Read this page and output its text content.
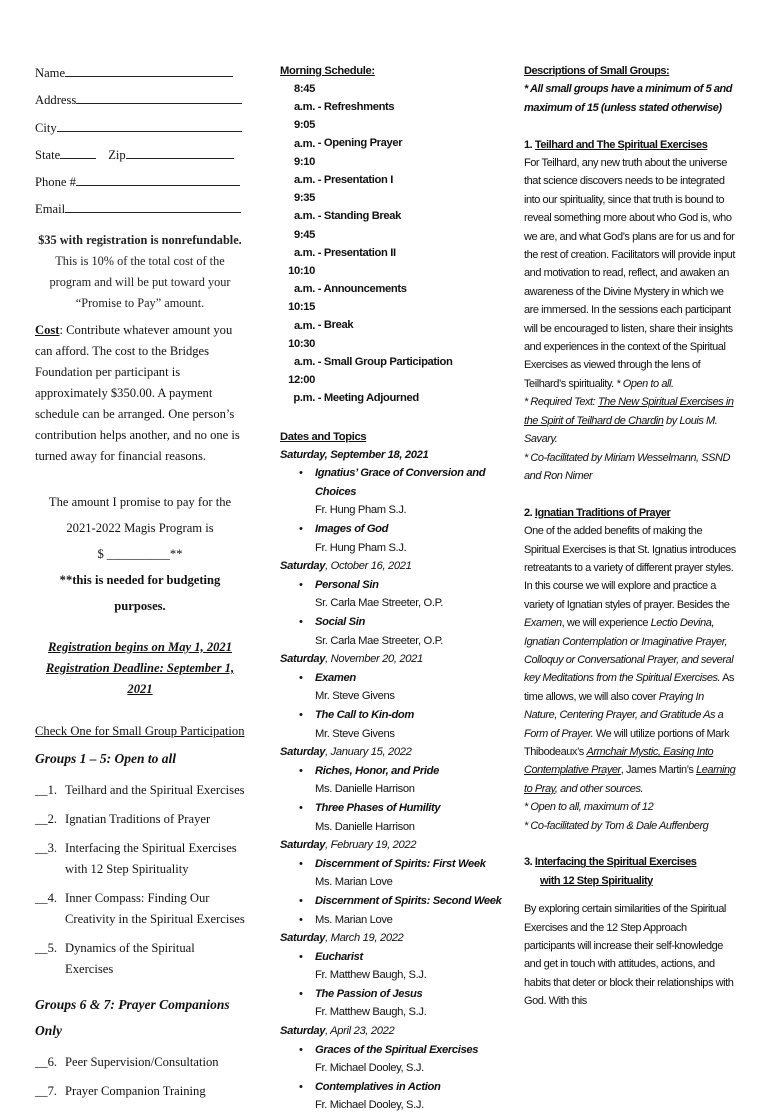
Name
Address
City
State	Zip
Phone #
Email
$35 with registration is nonrefundable. This is 10% of the total cost of the program and will be put toward your “Promise to Pay” amount.
Cost: Contribute whatever amount you can afford. The cost to the Bridges Foundation per participant is approximately $350.00. A payment schedule can be arranged. One person’s contribution helps another, and no one is turned away for financial reasons.
The amount I promise to pay for the
2021-2022 Magis Program is
$ __________**
**this is needed for budgeting purposes.
Registration begins on May 1, 2021
Registration Deadline: September 1, 2021
Check One for Small Group Participation
Groups 1 – 5: Open to all
__1. Teilhard and the Spiritual Exercises
__2. Ignatian Traditions of Prayer
__3. Interfacing the Spiritual Exercises with 12 Step Spirituality
__4. Inner Compass: Finding Our Creativity in the Spiritual Exercises
__5. Dynamics of the Spiritual Exercises
Groups 6 & 7: Prayer Companions Only
__6. Peer Supervision/Consultation
__7. Prayer Companion Training
Morning Schedule:
8:45 a.m. - Refreshments
9:05 a.m. - Opening Prayer
9:10 a.m. - Presentation I
9:35 a.m. - Standing Break
9:45 a.m. - Presentation II
10:10 a.m. - Announcements
10:15 a.m. - Break
10:30 a.m. - Small Group Participation
12:00 p.m. - Meeting Adjourned
Dates and Topics
Saturday, September 18, 2021
• Ignatius’ Grace of Conversion and Choices
Fr. Hung Pham S.J.
• Images of God
Fr. Hung Pham S.J.
Saturday, October 16, 2021
• Personal Sin
Sr. Carla Mae Streeter, O.P.
• Social Sin
Sr. Carla Mae Streeter, O.P.
Saturday, November 20, 2021
• Examen
Mr. Steve Givens
• The Call to Kin-dom
Mr. Steve Givens
Saturday, January 15, 2022
• Riches, Honor, and Pride
Ms. Danielle Harrison
• Three Phases of Humility
Ms. Danielle Harrison
Saturday, February 19, 2022
• Discernment of Spirits: First Week
Ms. Marian Love
• Discernment of Spirits: Second Week
• Ms. Marian Love
Saturday, March 19, 2022
• Eucharist
Fr. Matthew Baugh, S.J.
• The Passion of Jesus
Fr. Matthew Baugh, S.J.
Saturday, April 23, 2022
• Graces of the Spiritual Exercises
Fr. Michael Dooley, S.J.
• Contemplatives in Action
Fr. Michael Dooley, S.J.

Descriptions of Small Groups:

* All small groups have a minimum of 5 and maximum of 15 (unless stated otherwise)

1. Teilhard and The Spiritual Exercises

For Teilhard, any new truth about the universe that science discovers needs to be integrated into our spirituality, since that truth is bound to reveal something more about who God is, who we are, and what God’s plans are for us and for the rest of creation. Facilitators will provide input and motivation to read, reflect, and awaken an awareness of the Divine Mystery in which we are immersed. In the sessions each participant will be encouraged to listen, share their insights and experiences in the context of the Spiritual Exercises as viewed through the lens of Teilhard’s spirituality. * Open to all.

* Required Text: The New Spiritual Exercises in the Spirit of Teilhard de Chardin by Louis M. Savary.

* Co-facilitated by Miriam Wesselmann, SSND and Ron Nimer

2. Ignatian Traditions of Prayer

One of the added benefits of making the Spiritual Exercises is that St. Ignatius introduces retreatants to a variety of different prayer styles. In this course we will explore and practice a variety of Ignatian styles of prayer. Besides the Examen, we will experience Lectio Devina, Ignatian Contemplation or Imaginative Prayer, Colloquy or Conversational Prayer, and several key Meditations from the Spiritual Exercises. As time allows, we will also cover Praying In Nature, Centering Prayer, and Gratitude As a Form of Prayer. We will utilize portions of Mark Thibodeaux’s Armchair Mystic, Easing Into Contemplative Prayer, James Martin’s Learning to Pray, and other sources.

* Open to all, maximum of 12

* Co-facilitated by Tom & Dale Auffenberg

3. Interfacing the Spiritual Exercises

with 12 Step Spirituality

By exploring certain similarities of the Spiritual Exercises and the 12 Step Approach participants will increase their self-knowledge and get in touch with attitudes, actions, and habits that deter or block their relationships with God. With this
